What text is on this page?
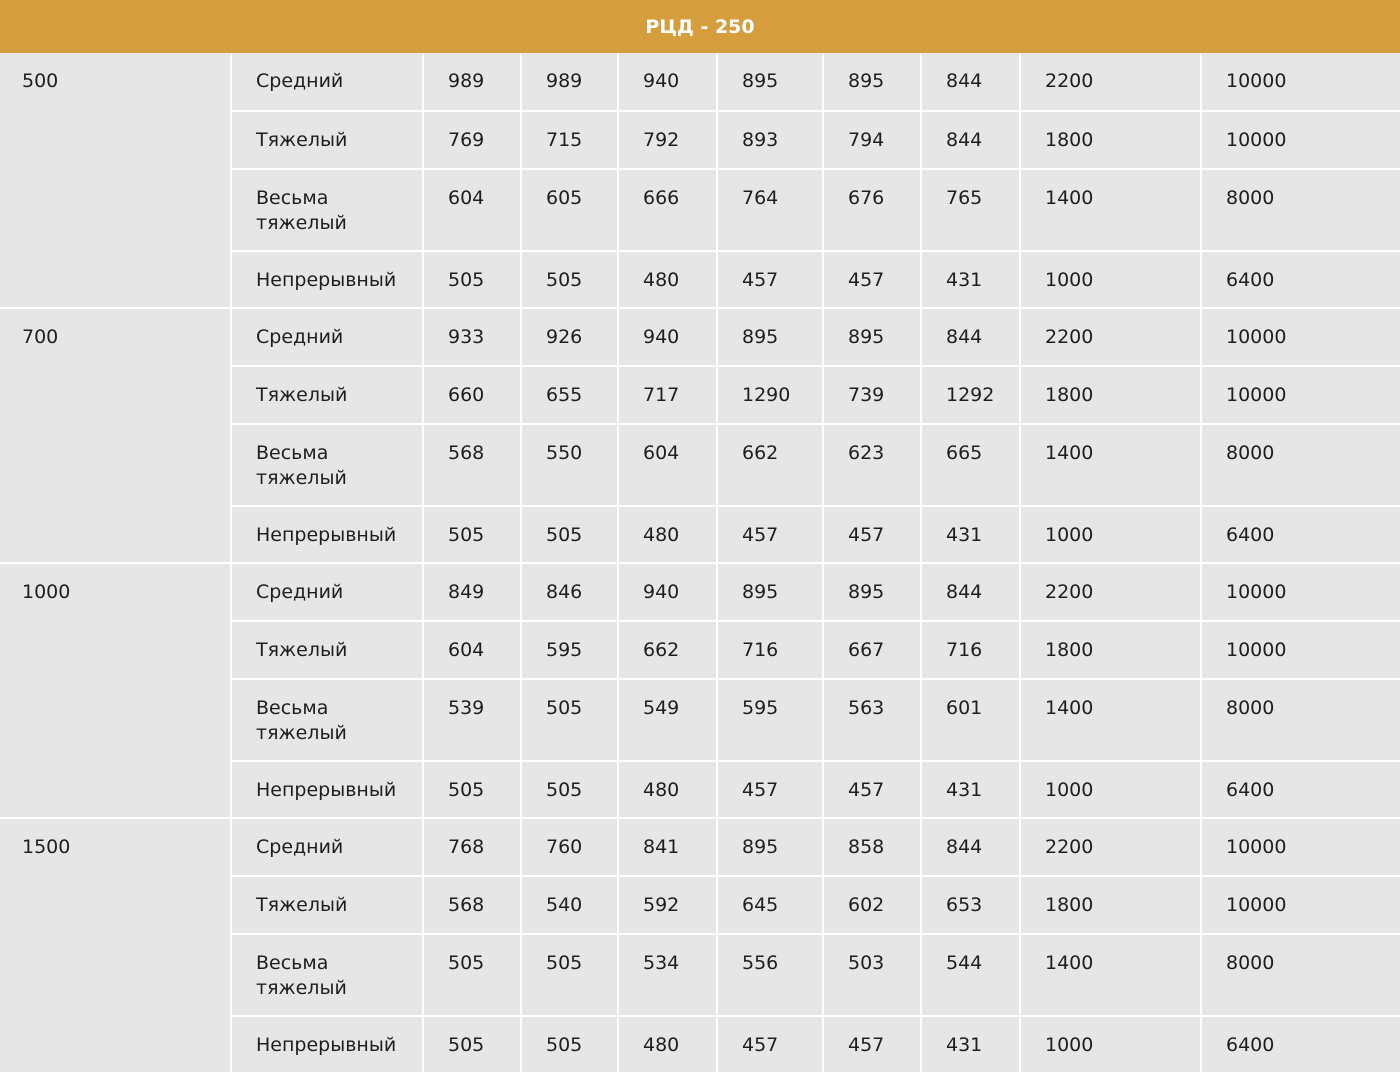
РЦД - 250
500	Средний	989	989	940	895	895	844	2200	10000
	Тяжелый	769	715	792	893	794	844	1800	10000
	Весьма тяжелый	604	605	666	764	676	765	1400	8000
	Непрерывный	505	505	480	457	457	431	1000	6400
700	Средний	933	926	940	895	895	844	2200	10000
	Тяжелый	660	655	717	1290	739	1292	1800	10000
	Весьма тяжелый	568	550	604	662	623	665	1400	8000
	Непрерывный	505	505	480	457	457	431	1000	6400
1000	Средний	849	846	940	895	895	844	2200	10000
	Тяжелый	604	595	662	716	667	716	1800	10000
	Весьма тяжелый	539	505	549	595	563	601	1400	8000
	Непрерывный	505	505	480	457	457	431	1000	6400
1500	Средний	768	760	841	895	858	844	2200	10000
	Тяжелый	568	540	592	645	602	653	1800	10000
	Весьма тяжелый	505	505	534	556	503	544	1400	8000
	Непрерывный	505	505	480	457	457	431	1000	6400
